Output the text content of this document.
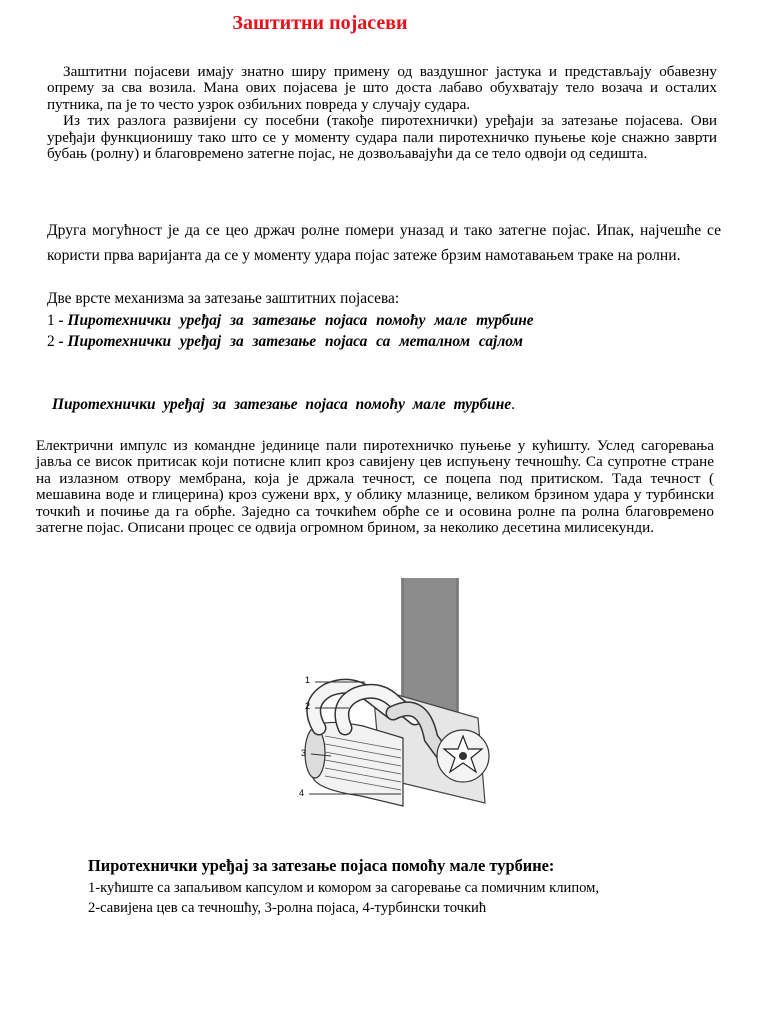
Заштитни појасеви

Заштитни појасеви имају знатно ширу примену од ваздушног јастука и представљају обавезну опрему за сва возила. Мана ових појасева је што доста лабаво обухватају тело возача и осталих путника, па је то често узрок озбиљних повреда у случају судара.

Из тих разлога развијени су посебни (такође пиротехнички) уређаји за затезање појасева. Ови уређаји функционишу тако што се у моменту судара пали пиротехничко пуњење које снажно заврти бубањ (ролну) и благовремено затегне појас, не дозвољавајући да се тело одвоји од седишта.

Друга могућност је да се цео држач ролне помери уназад и тако затегне појас. Ипак, најчешће се користи прва варијанта да се у моменту удара појас затеже брзим намотавањем траке на ролни.

Две врсте механизма за затезање заштитних појасева:
1 - Пиротехнички уређај за затезање појаса помоћу мале турбине
2 - Пиротехнички уређај за затезање појаса са металном сајлом
Пиротехнички уређај за затезање појаса помоћу мале турбине.

Електрични импулс из командне јединице пали пиротехничко пуњење у кућишту. Услед сагоревања јавља се висок притисак који потисне клип кроз савијену цев испуњену течношћу. Са супротне стране на излазном отвору мембрана, која је држала течност, се поцепа под притиском. Тада течност ( мешавина воде и глицерина) кроз сужени врх, у облику млазнице, великом брзином удара у турбински точкић и почиње да га обрће. Заједно са точкићем обрће се и осовина ролне па ролна благовремено затегне појас. Описани процес се одвија огромном брином, за неколико десетина милисекунди.

1
2
3
4
Пиротехнички уређај за затезање појаса помоћу мале турбине:
1-кућиште са запаљивом капсулом и комором за сагоревање са помичним клипом,
2-савијена цев са течношћу, 3-ролна појаса, 4-турбински точкић
